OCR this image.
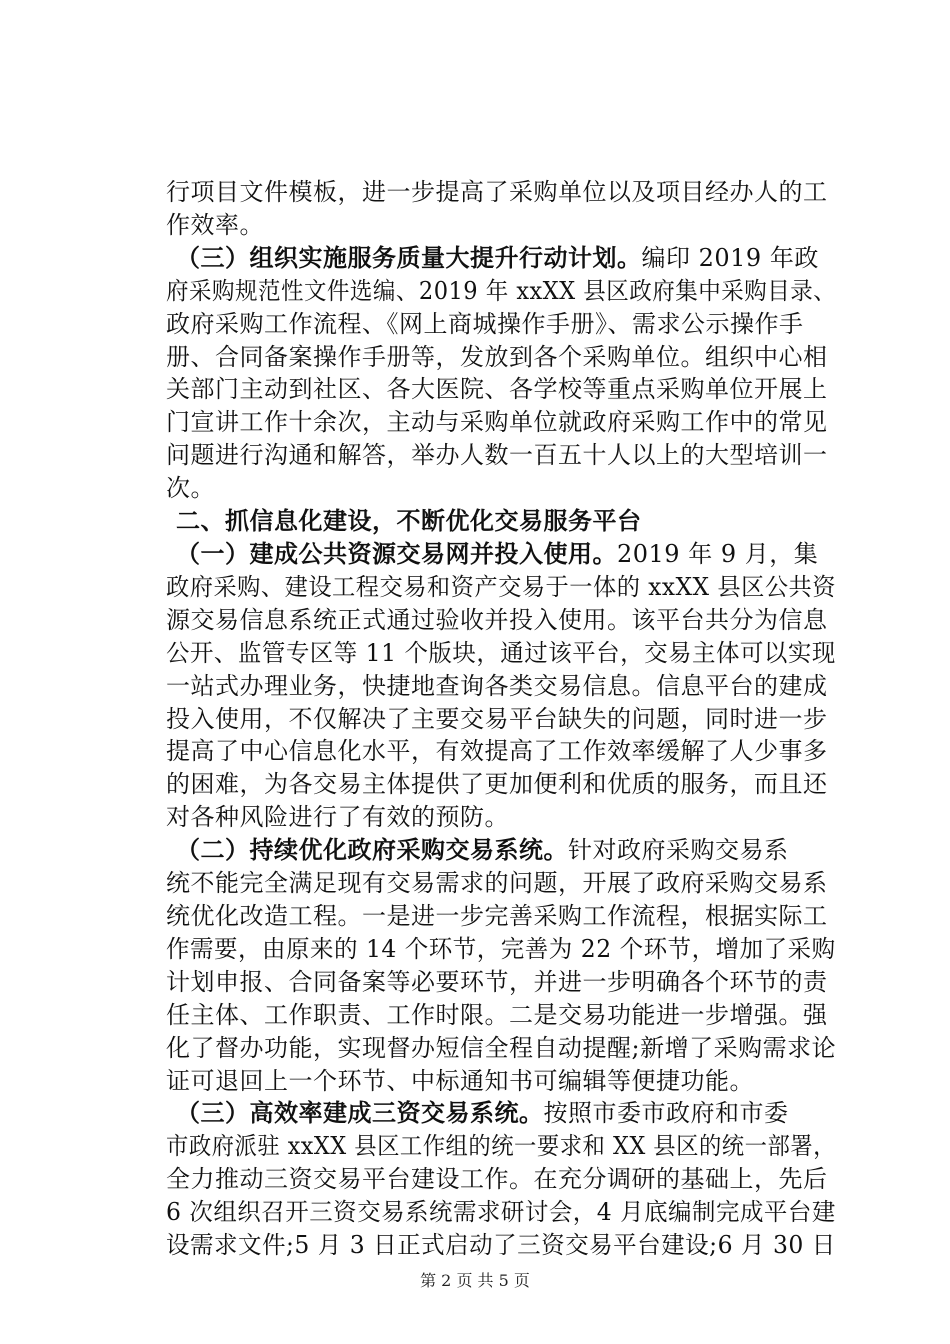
行项目文件模板，进一步提高了采购单位以及项目经办人的工
作效率。
（三）组织实施服务质量大提升行动计划。编印 2019 年政
府采购规范性文件选编、2019 年 xxXX 县区政府集中采购目录、
政府采购工作流程、《网上商城操作手册》、需求公示操作手
册、合同备案操作手册等，发放到各个采购单位。组织中心相
关部门主动到社区、各大医院、各学校等重点采购单位开展上
门宣讲工作十余次，主动与采购单位就政府采购工作中的常见
问题进行沟通和解答，举办人数一百五十人以上的大型培训一
次。
二、抓信息化建设，不断优化交易服务平台
（一）建成公共资源交易网并投入使用。2019 年 9 月，集
政府采购、建设工程交易和资产交易于一体的 xxXX 县区公共资
源交易信息系统正式通过验收并投入使用。该平台共分为信息
公开、监管专区等 11 个版块，通过该平台，交易主体可以实现
一站式办理业务，快捷地查询各类交易信息。信息平台的建成
投入使用，不仅解决了主要交易平台缺失的问题，同时进一步
提高了中心信息化水平，有效提高了工作效率缓解了人少事多
的困难，为各交易主体提供了更加便利和优质的服务，而且还
对各种风险进行了有效的预防。
（二）持续优化政府采购交易系统。针对政府采购交易系
统不能完全满足现有交易需求的问题，开展了政府采购交易系
统优化改造工程。一是进一步完善采购工作流程，根据实际工
作需要，由原来的 14 个环节，完善为 22 个环节，增加了采购
计划申报、合同备案等必要环节，并进一步明确各个环节的责
任主体、工作职责、工作时限。二是交易功能进一步增强。强
化了督办功能，实现督办短信全程自动提醒;新增了采购需求论
证可退回上一个环节、中标通知书可编辑等便捷功能。
（三）高效率建成三资交易系统。按照市委市政府和市委
市政府派驻 xxXX 县区工作组的统一要求和 XX 县区的统一部署，
全力推动三资交易平台建设工作。在充分调研的基础上，先后
6 次组织召开三资交易系统需求研讨会，4 月底编制完成平台建
设需求文件;5 月 3 日正式启动了三资交易平台建设;6 月 30 日
第 2 页 共 5 页
